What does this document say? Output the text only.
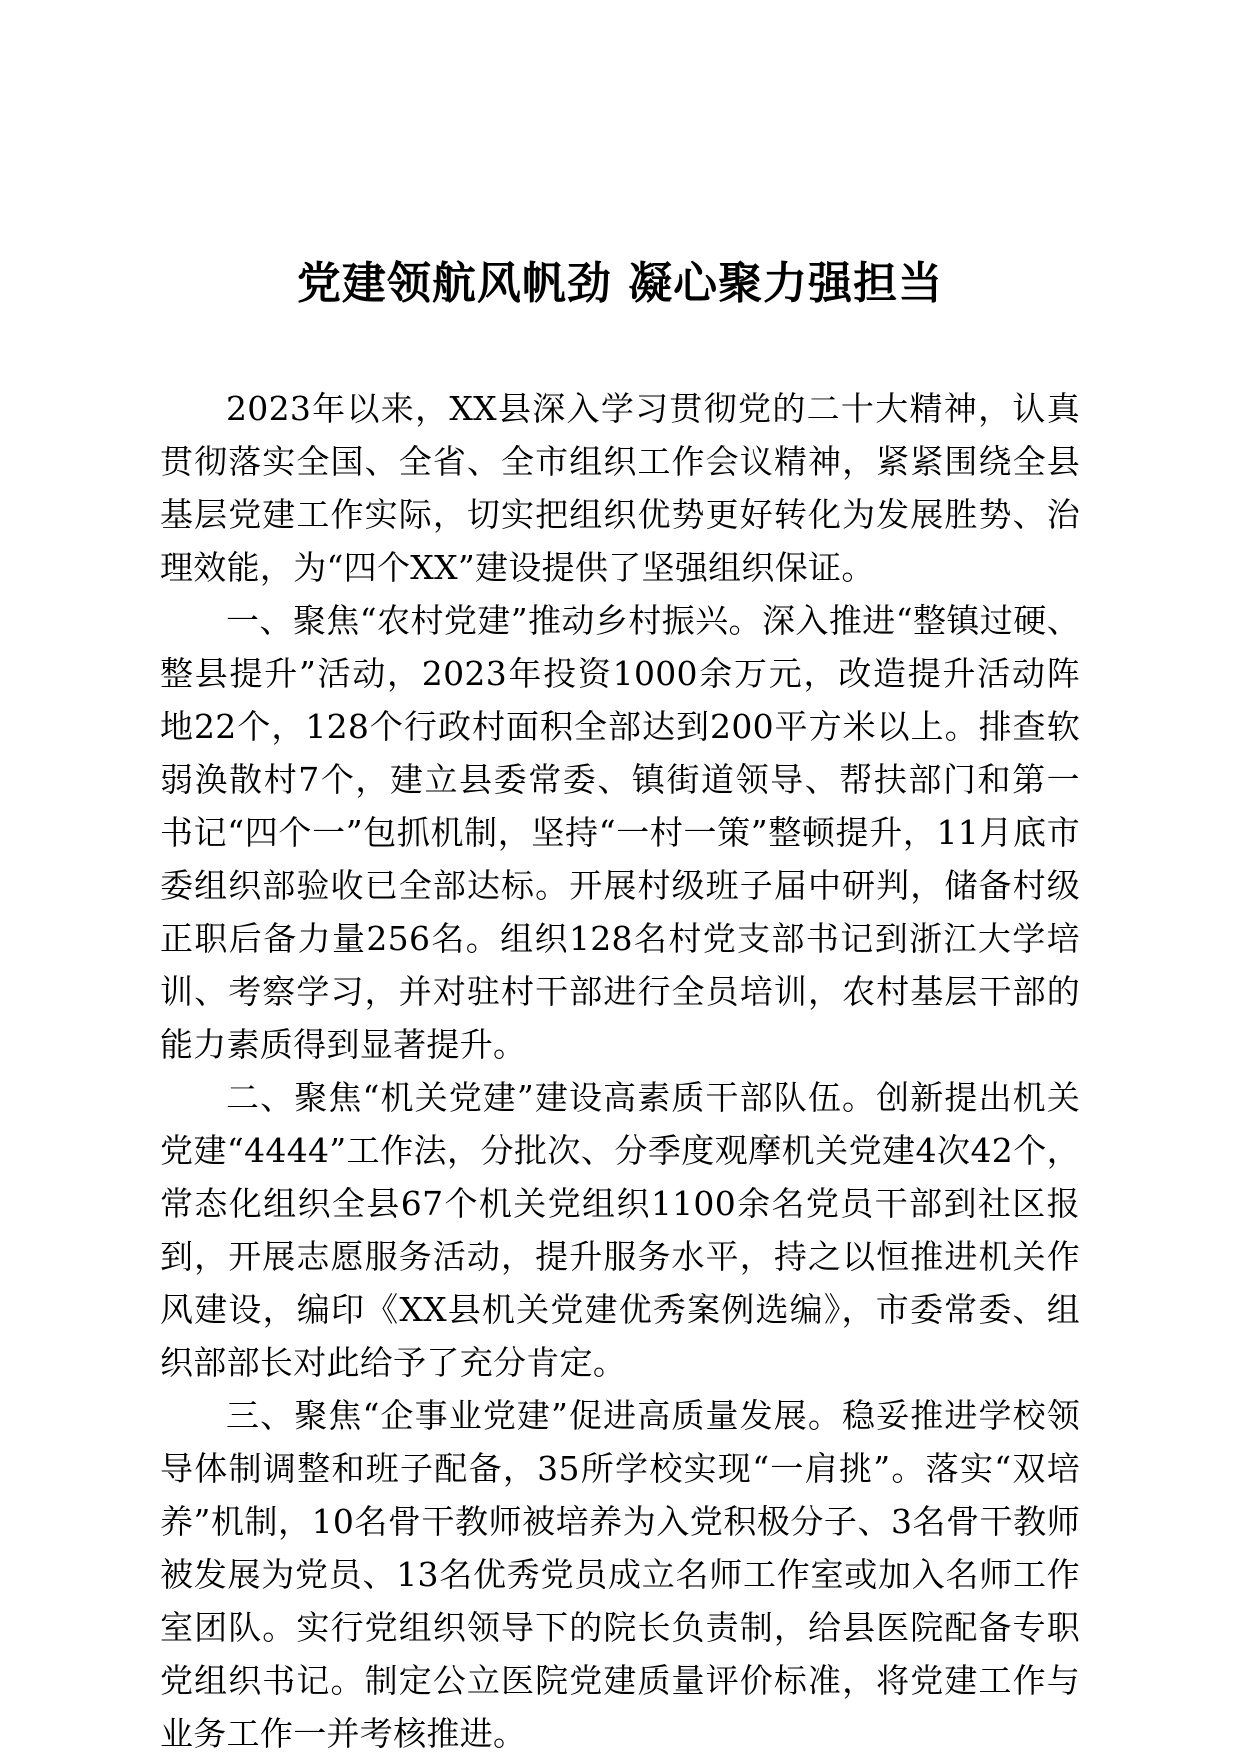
党建领航风帆劲 凝心聚力强担当

2023年以来，XX县深入学习贯彻党的二十大精神，认真贯彻落实全国、全省、全市组织工作会议精神，紧紧围绕全县基层党建工作实际，切实把组织优势更好转化为发展胜势、治理效能，为“四个XX”建设提供了坚强组织保证。

一、聚焦“农村党建”推动乡村振兴。深入推进“整镇过硬、整县提升”活动，2023年投资1000余万元，改造提升活动阵地22个，128个行政村面积全部达到200平方米以上。排查软弱涣散村7个，建立县委常委、镇街道领导、帮扶部门和第一书记“四个一”包抓机制，坚持“一村一策”整顿提升，11月底市委组织部验收已全部达标。开展村级班子届中研判，储备村级正职后备力量256名。组织128名村党支部书记到浙江大学培训、考察学习，并对驻村干部进行全员培训，农村基层干部的能力素质得到显著提升。

二、聚焦“机关党建”建设高素质干部队伍。创新提出机关党建“4444”工作法，分批次、分季度观摩机关党建4次42个，常态化组织全县67个机关党组织1100余名党员干部到社区报到，开展志愿服务活动，提升服务水平，持之以恒推进机关作风建设，编印《XX县机关党建优秀案例选编》，市委常委、组织部部长对此给予了充分肯定。

三、聚焦“企事业党建”促进高质量发展。稳妥推进学校领导体制调整和班子配备，35所学校实现“一肩挑”。落实“双培养”机制，10名骨干教师被培养为入党积极分子、3名骨干教师被发展为党员、13名优秀党员成立名师工作室或加入名师工作室团队。实行党组织领导下的院长负责制，给县医院配备专职党组织书记。制定公立医院党建质量评价标准，将党建工作与业务工作一并考核推进。
